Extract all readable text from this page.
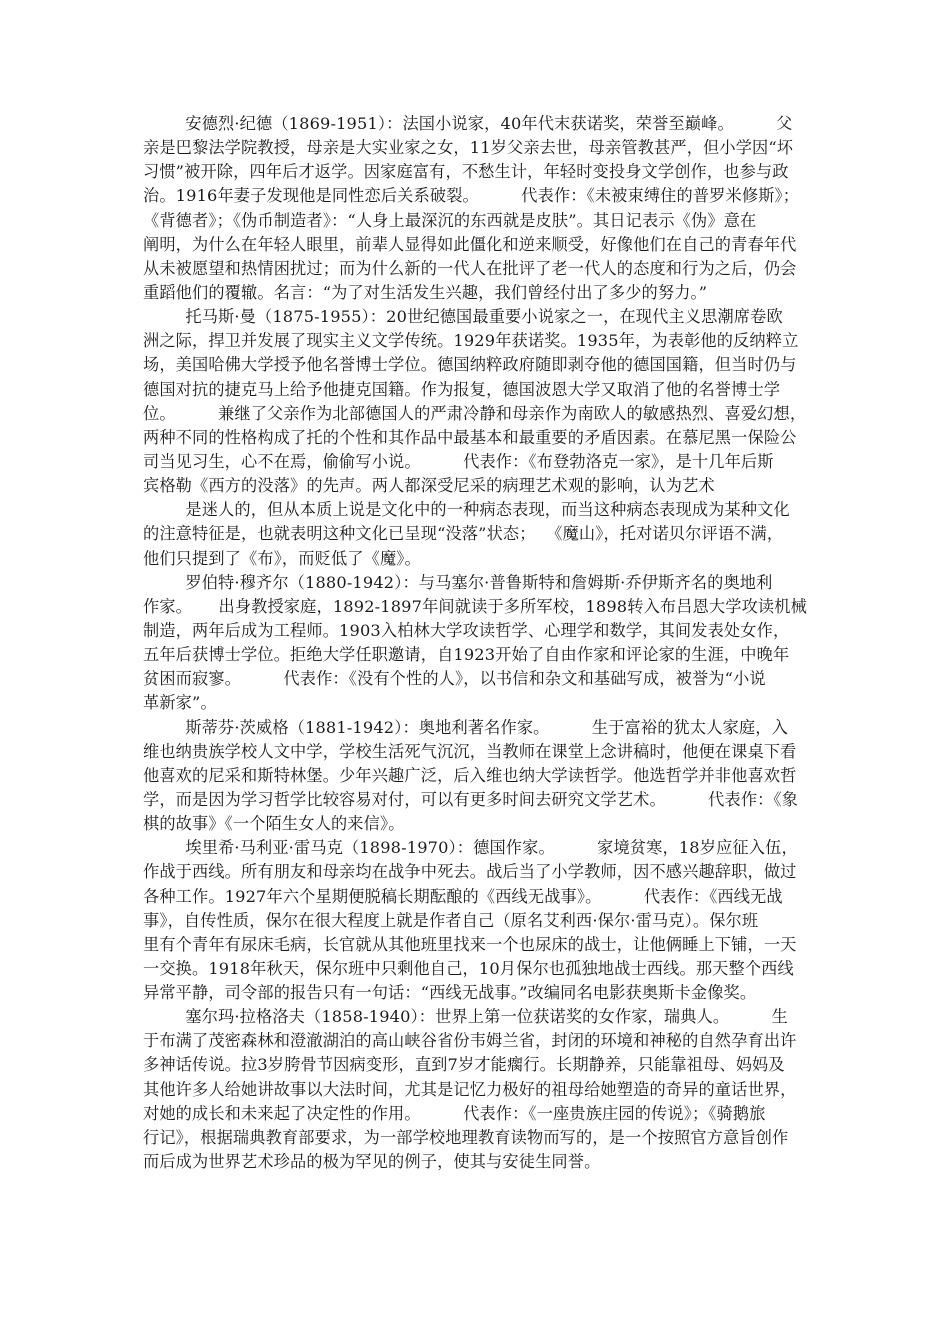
安德烈·纪德（1869-1951）：法国小说家，40年代末获诺奖，荣誉至巅峰。        父
亲是巴黎法学院教授，母亲是大实业家之女，11岁父亲去世，母亲管教甚严，但小学因“坏
习惯”被开除，四年后才返学。因家庭富有，不愁生计，年轻时变投身文学创作，也参与政
治。1916年妻子发现他是同性恋后关系破裂。        代表作：《未被束缚住的普罗米修斯》；
《背德者》；《伪币制造者》：“人身上最深沉的东西就是皮肤”。其日记表示《伪》意在
阐明，为什么在年轻人眼里，前辈人显得如此僵化和逆来顺受，好像他们在自己的青春年代
从未被愿望和热情困扰过；而为什么新的一代人在批评了老一代人的态度和行为之后，仍会
重蹈他们的覆辙。名言：“为了对生活发生兴趣，我们曾经付出了多少的努力。”
托马斯·曼（1875-1955）：20世纪德国最重要小说家之一，在现代主义思潮席卷欧
洲之际，捍卫并发展了现实主义文学传统。1929年获诺奖。1935年，为表彰他的反纳粹立
场，美国哈佛大学授予他名誉博士学位。德国纳粹政府随即剥夺他的德国国籍，但当时仍与
德国对抗的捷克马上给予他捷克国籍。作为报复，德国波恩大学又取消了他的名誉博士学
位。        兼继了父亲作为北部德国人的严肃冷静和母亲作为南欧人的敏感热烈、喜爱幻想，
两种不同的性格构成了托的个性和其作品中最基本和最重要的矛盾因素。在慕尼黑一保险公
司当见习生，心不在焉，偷偷写小说。        代表作：《布登勃洛克一家》，是十几年后斯
宾格勒《西方的没落》的先声。两人都深受尼采的病理艺术观的影响，认为艺术
是迷人的，但从本质上说是文化中的一种病态表现，而当这种病态表现成为某种文化
的注意特征是，也就表明这种文化已呈现“没落”状态；  《魔山》，托对诺贝尔评语不满，
他们只提到了《布》，而贬低了《魔》。
罗伯特·穆齐尔（1880-1942）：与马塞尔·普鲁斯特和詹姆斯·乔伊斯齐名的奥地利
作家。     出身教授家庭，1892-1897年间就读于多所军校，1898转入布吕恩大学攻读机械
制造，两年后成为工程师。1903入柏林大学攻读哲学、心理学和数学，其间发表处女作，
五年后获博士学位。拒绝大学任职邀请，自1923开始了自由作家和评论家的生涯，中晚年
贫困而寂寥。        代表作：《没有个性的人》，以书信和杂文和基础写成，被誉为“小说
革新家”。
斯蒂芬·茨威格（1881-1942）：奥地利著名作家。        生于富裕的犹太人家庭，入
维也纳贵族学校人文中学，学校生活死气沉沉，当教师在课堂上念讲稿时，他便在课桌下看
他喜欢的尼采和斯特林堡。少年兴趣广泛，后入维也纳大学读哲学。他选哲学并非他喜欢哲
学，而是因为学习哲学比较容易对付，可以有更多时间去研究文学艺术。        代表作：《象
棋的故事》《一个陌生女人的来信》。
埃里希·马利亚·雷马克（1898-1970）：德国作家。        家境贫寒，18岁应征入伍，
作战于西线。所有朋友和母亲均在战争中死去。战后当了小学教师，因不感兴趣辞职，做过
各种工作。1927年六个星期便脱稿长期酝酿的《西线无战事》。        代表作：《西线无战
事》，自传性质，保尔在很大程度上就是作者自己（原名艾利西·保尔·雷马克）。保尔班
里有个青年有尿床毛病，长官就从其他班里找来一个也尿床的战士，让他俩睡上下铺，一天
一交换。1918年秋天，保尔班中只剩他自己，10月保尔也孤独地战士西线。那天整个西线
异常平静，司令部的报告只有一句话：“西线无战事。”改编同名电影获奥斯卡金像奖。
塞尔玛·拉格洛夫（1858-1940）：世界上第一位获诺奖的女作家，瑞典人。        生
于布满了茂密森林和澄澈湖泊的高山峡谷省份韦姆兰省，封闭的环境和神秘的自然孕育出许
多神话传说。拉3岁胯骨节因病变形，直到7岁才能瘸行。长期静养，只能靠祖母、妈妈及
其他许多人给她讲故事以大法时间，尤其是记忆力极好的祖母给她塑造的奇异的童话世界，
对她的成长和未来起了决定性的作用。        代表作：《一座贵族庄园的传说》；《骑鹅旅
行记》，根据瑞典教育部要求，为一部学校地理教育读物而写的，是一个按照官方意旨创作
而后成为世界艺术珍品的极为罕见的例子，使其与安徒生同誉。
